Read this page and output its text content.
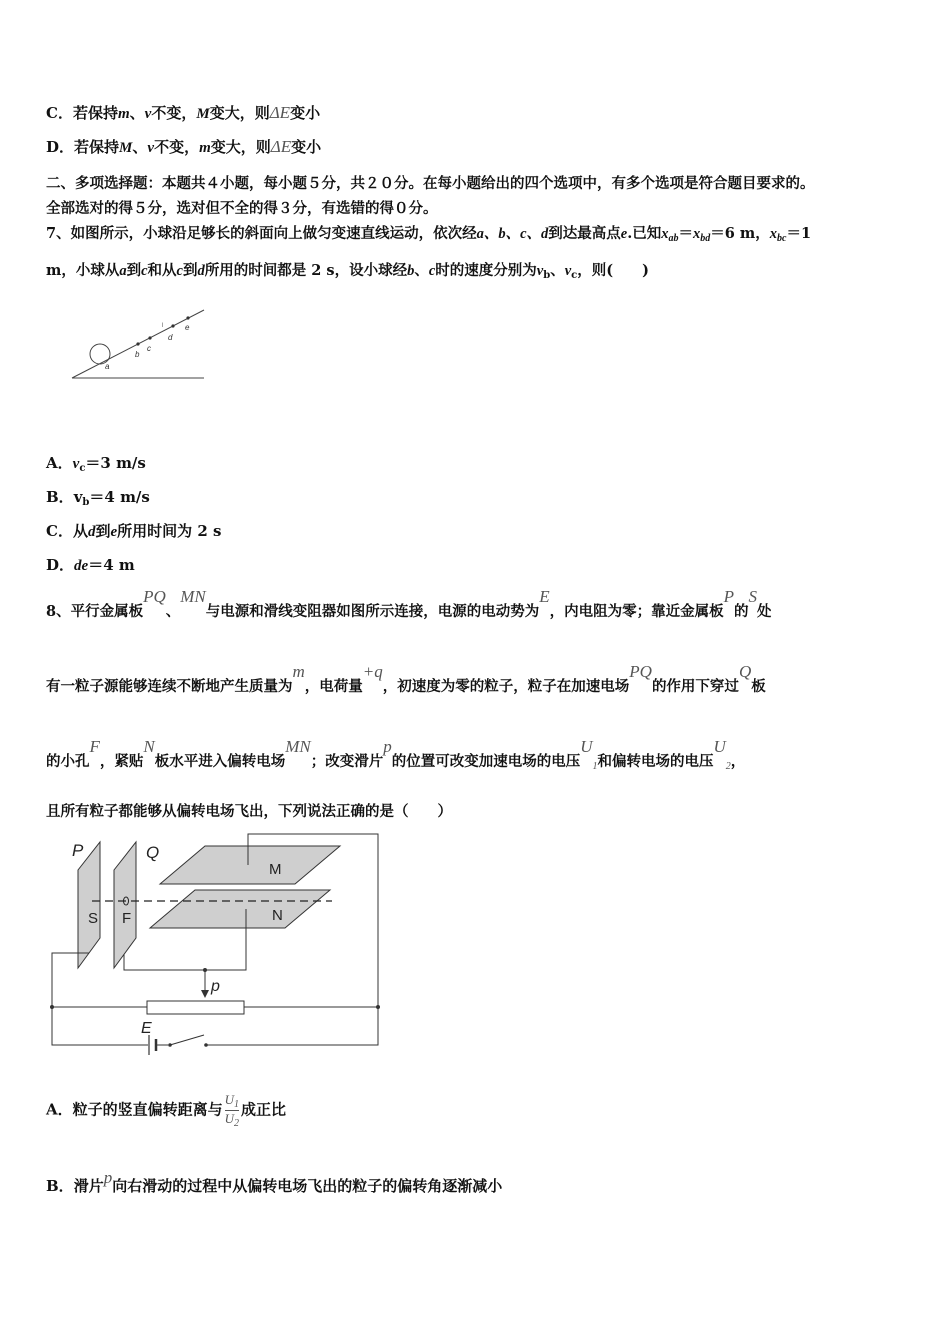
C．若保持m、v不变，M变大，则ΔE变小
D．若保持M、v不变，m变大，则ΔE变小
二、多项选择题：本题共４小题，每小题５分，共２０分。在每小题给出的四个选项中，有多个选项是符合题目要求的。
全部选对的得５分，选对但不全的得３分，有选错的得０分。
7、如图所示，小球沿足够长的斜面向上做匀变速直线运动，依次经a、b、c、d到达最高点e.已知$x_{ab}=x_{bd}=6$ m，$x_{bc}=1$
m，小球从a到c和从c到d所用的时间都是 2 s，设小球经b、c时的速度分别为$v_b$、$v_c$，则(　　)
a
b
c
d
e
l
A．$v_c=3$ m/s
B．$v_b=4$ m/s
C．从d到e所用时间为 2 s
D．de＝4 m
8、平行金属板PQ、MN与电源和滑线变阻器如图所示连接，电源的电动势为E，内电阻为零；靠近金属板P的S处
有一粒子源能够连续不断地产生质量为m，电荷量+q，初速度为零的粒子，粒子在加速电场PQ的作用下穿过Q板
的小孔F，紧贴N板水平进入偏转电场MN；改变滑片p的位置可改变加速电场的电压$U_1$和偏转电场的电压$U_2$，
且所有粒子都能够从偏转电场飞出，下列说法正确的是（　　）
P	Q
M
N
S F
p
E
A．粒子的竖直偏转距离与 $\frac{U_1}{U_2}$ 成正比
B．滑片p向右滑动的过程中从偏转电场飞出的粒子的偏转角逐渐减小
